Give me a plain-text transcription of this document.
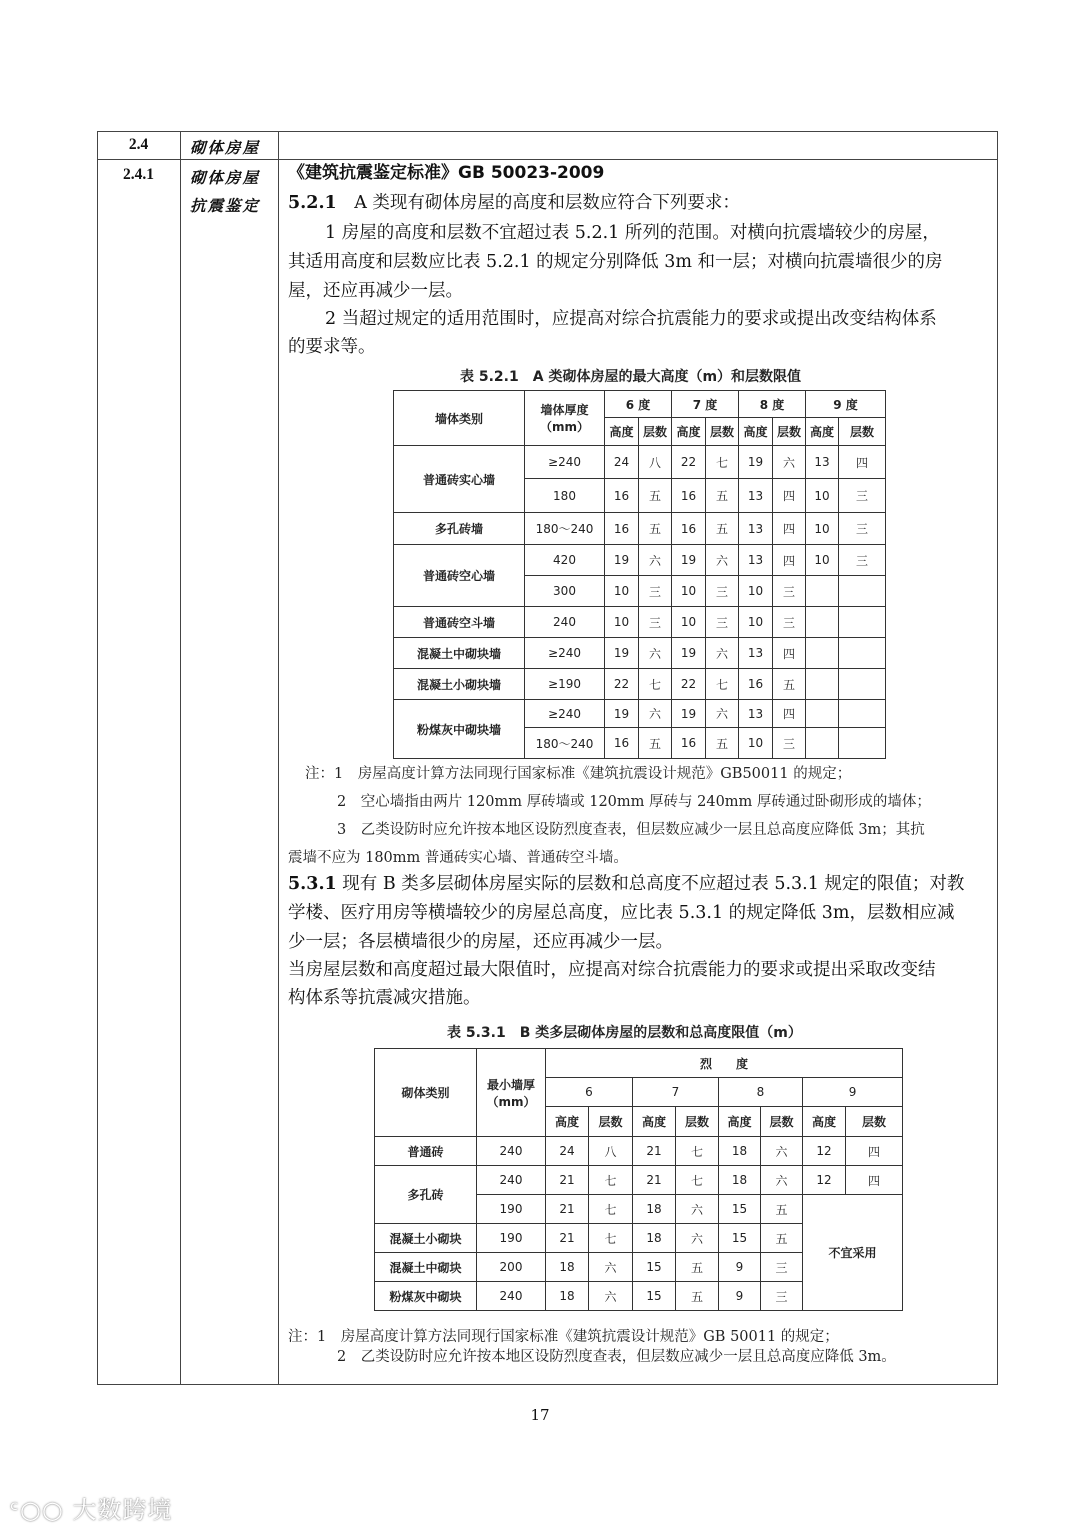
2.4	砌体房屋
2.4.1	砌体房屋
抗震鉴定
《建筑抗震鉴定标准》GB 50023-2009
5.2.1　 A 类现有砌体房屋的高度和层数应符合下列要求：
1 房屋的高度和层数不宜超过表 5.2.1 所列的范围。对横向抗震墙较少的房屋，
其适用高度和层数应比表 5.2.1 的规定分别降低 3m 和一层；对横向抗震墙很少的房
屋，还应再减少一层。
2 当超过规定的适用范围时，应提高对综合抗震能力的要求或提出改变结构体系
的要求等。
表 5.2.1　A 类砌体房屋的最大高度（m）和层数限值
墙体类别	墙体厚度
（mm）	6 度		7 度		8 度		9 度	
		高度	层数	高度	层数	高度	层数	高度	层数
普通砖实心墙	≥240	24	八	22	七	19	六	13	四
	180	16	五	16	五	13	四	10	三
多孔砖墙	180～240	16	五	16	五	13	四	10	三
普通砖空心墙	420	19	六	19	六	13	四	10	三
	300	10	三	10	三	10	三		
普通砖空斗墙	240	10	三	10	三	10	三		
混凝土中砌块墙	≥240	19	六	19	六	13	四		
混凝土小砌块墙	≥190	22	七	22	七	16	五		
粉煤灰中砌块墙	≥240	19	六	19	六	13	四		
	180～240	16	五	16	五	10	三		
注：1　房屋高度计算方法同现行国家标准《建筑抗震设计规范》GB50011 的规定；
2　空心墙指由两片 120mm 厚砖墙或 120mm 厚砖与 240mm 厚砖通过卧砌形成的墙体；
3　乙类设防时应允许按本地区设防烈度查表，但层数应减少一层且总高度应降低 3m；其抗
震墙不应为 180mm 普通砖实心墙、普通砖空斗墙。
5.3.1 现有 B 类多层砌体房屋实际的层数和总高度不应超过表 5.3.1 规定的限值；对教
学楼、医疗用房等横墙较少的房屋总高度，应比表 5.3.1 的规定降低 3m，层数相应减
少一层；各层横墙很少的房屋，还应再减少一层。
当房屋层数和高度超过最大限值时，应提高对综合抗震能力的要求或提出采取改变结
构体系等抗震减灾措施。
表 5.3.1　B 类多层砌体房屋的层数和总高度限值（m）
砌体类别	最小墙厚
（mm）	烈　　度							
		6		7		8		9	
		高度	层数	高度	层数	高度	层数	高度	层数
普通砖	240	24	八	21	七	18	六	12	四
多孔砖	240	21	七	21	七	18	六	12	四
	190	21	七	18	六	15	五	不宜采用	
混凝土小砌块	190	21	七	18	六	15	五		
混凝土中砌块	200	18	六	15	五	9	三		
粉煤灰中砌块	240	18	六	15	五	9	三		
注：1　房屋高度计算方法同现行国家标准《建筑抗震设计规范》GB 50011 的规定；
2　乙类设防时应允许按本地区设防烈度查表，但层数应减少一层且总高度应降低 3m。
17
ᶜ○○ 大数跨境
